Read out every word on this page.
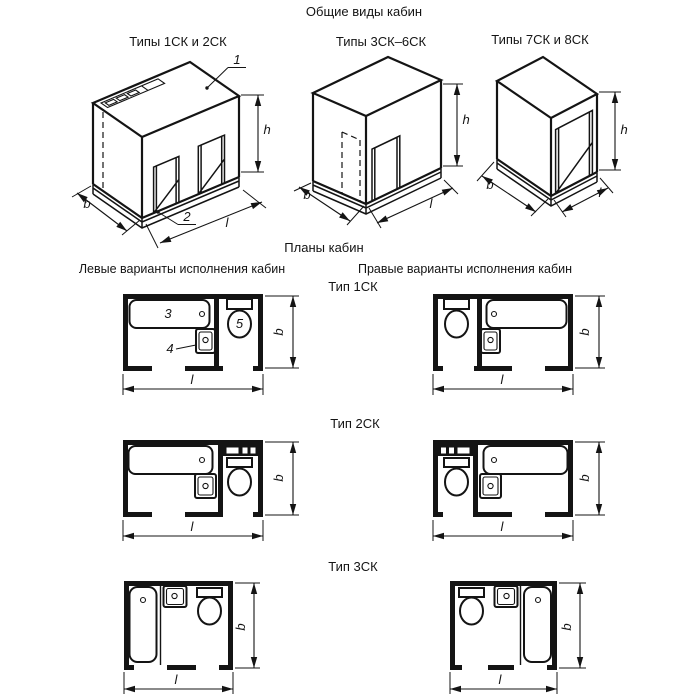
Общие виды кабин
Типы 1СК и 2СК
1
2
h
b
l
Типы 3СК–6СК
h
b
l
Типы 7СК и 8СК
h
b
l
Планы кабин
Левые варианты исполнения кабин	Правые варианты исполнения кабин
Тип 1СК
3
4
5
b
l
b
l
Тип 2СК
b
l
b
l
Тип 3СК
b
l
b
l
